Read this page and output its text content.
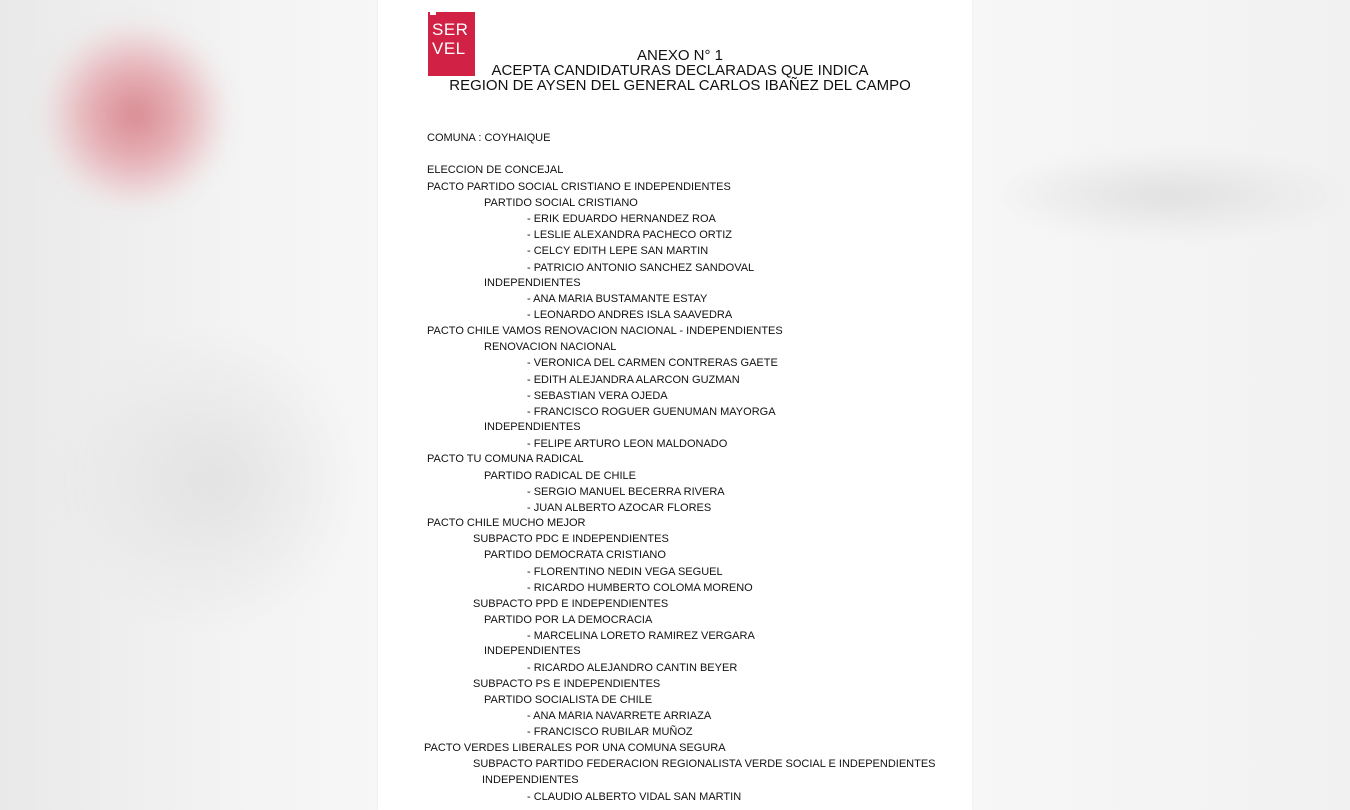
SER
VEL	ANEXO N° 1
ACEPTA CANDIDATURAS DECLARADAS QUE INDICA
REGION DE AYSEN DEL GENERAL CARLOS IBAÑEZ DEL CAMPO
COMUNA : COYHAIQUE
ELECCION DE CONCEJAL
PACTO PARTIDO SOCIAL CRISTIANO E INDEPENDIENTES
PARTIDO SOCIAL CRISTIANO
- ERIK EDUARDO HERNANDEZ ROA
- LESLIE ALEXANDRA PACHECO ORTIZ
- CELCY EDITH LEPE SAN MARTIN
- PATRICIO ANTONIO SANCHEZ SANDOVAL
INDEPENDIENTES
- ANA MARIA BUSTAMANTE ESTAY
- LEONARDO ANDRES ISLA SAAVEDRA
PACTO CHILE VAMOS RENOVACION NACIONAL - INDEPENDIENTES
RENOVACION NACIONAL
- VERONICA DEL CARMEN CONTRERAS GAETE
- EDITH ALEJANDRA ALARCON GUZMAN
- SEBASTIAN VERA OJEDA
- FRANCISCO ROGUER GUENUMAN MAYORGA
INDEPENDIENTES
- FELIPE ARTURO LEON MALDONADO
PACTO TU COMUNA RADICAL
PARTIDO RADICAL DE CHILE
- SERGIO MANUEL BECERRA RIVERA
- JUAN ALBERTO AZOCAR FLORES
PACTO CHILE MUCHO MEJOR
SUBPACTO PDC E INDEPENDIENTES
PARTIDO DEMOCRATA CRISTIANO
- FLORENTINO NEDIN VEGA SEGUEL
- RICARDO HUMBERTO COLOMA MORENO
SUBPACTO PPD E INDEPENDIENTES
PARTIDO POR LA DEMOCRACIA
- MARCELINA LORETO RAMIREZ VERGARA
INDEPENDIENTES
- RICARDO ALEJANDRO CANTIN BEYER
SUBPACTO PS E INDEPENDIENTES
PARTIDO SOCIALISTA DE CHILE
- ANA MARIA NAVARRETE ARRIAZA
- FRANCISCO RUBILAR MUÑOZ
PACTO VERDES LIBERALES POR UNA COMUNA SEGURA
SUBPACTO PARTIDO FEDERACION REGIONALISTA VERDE SOCIAL E INDEPENDIENTES
INDEPENDIENTES
- CLAUDIO ALBERTO VIDAL SAN MARTIN
